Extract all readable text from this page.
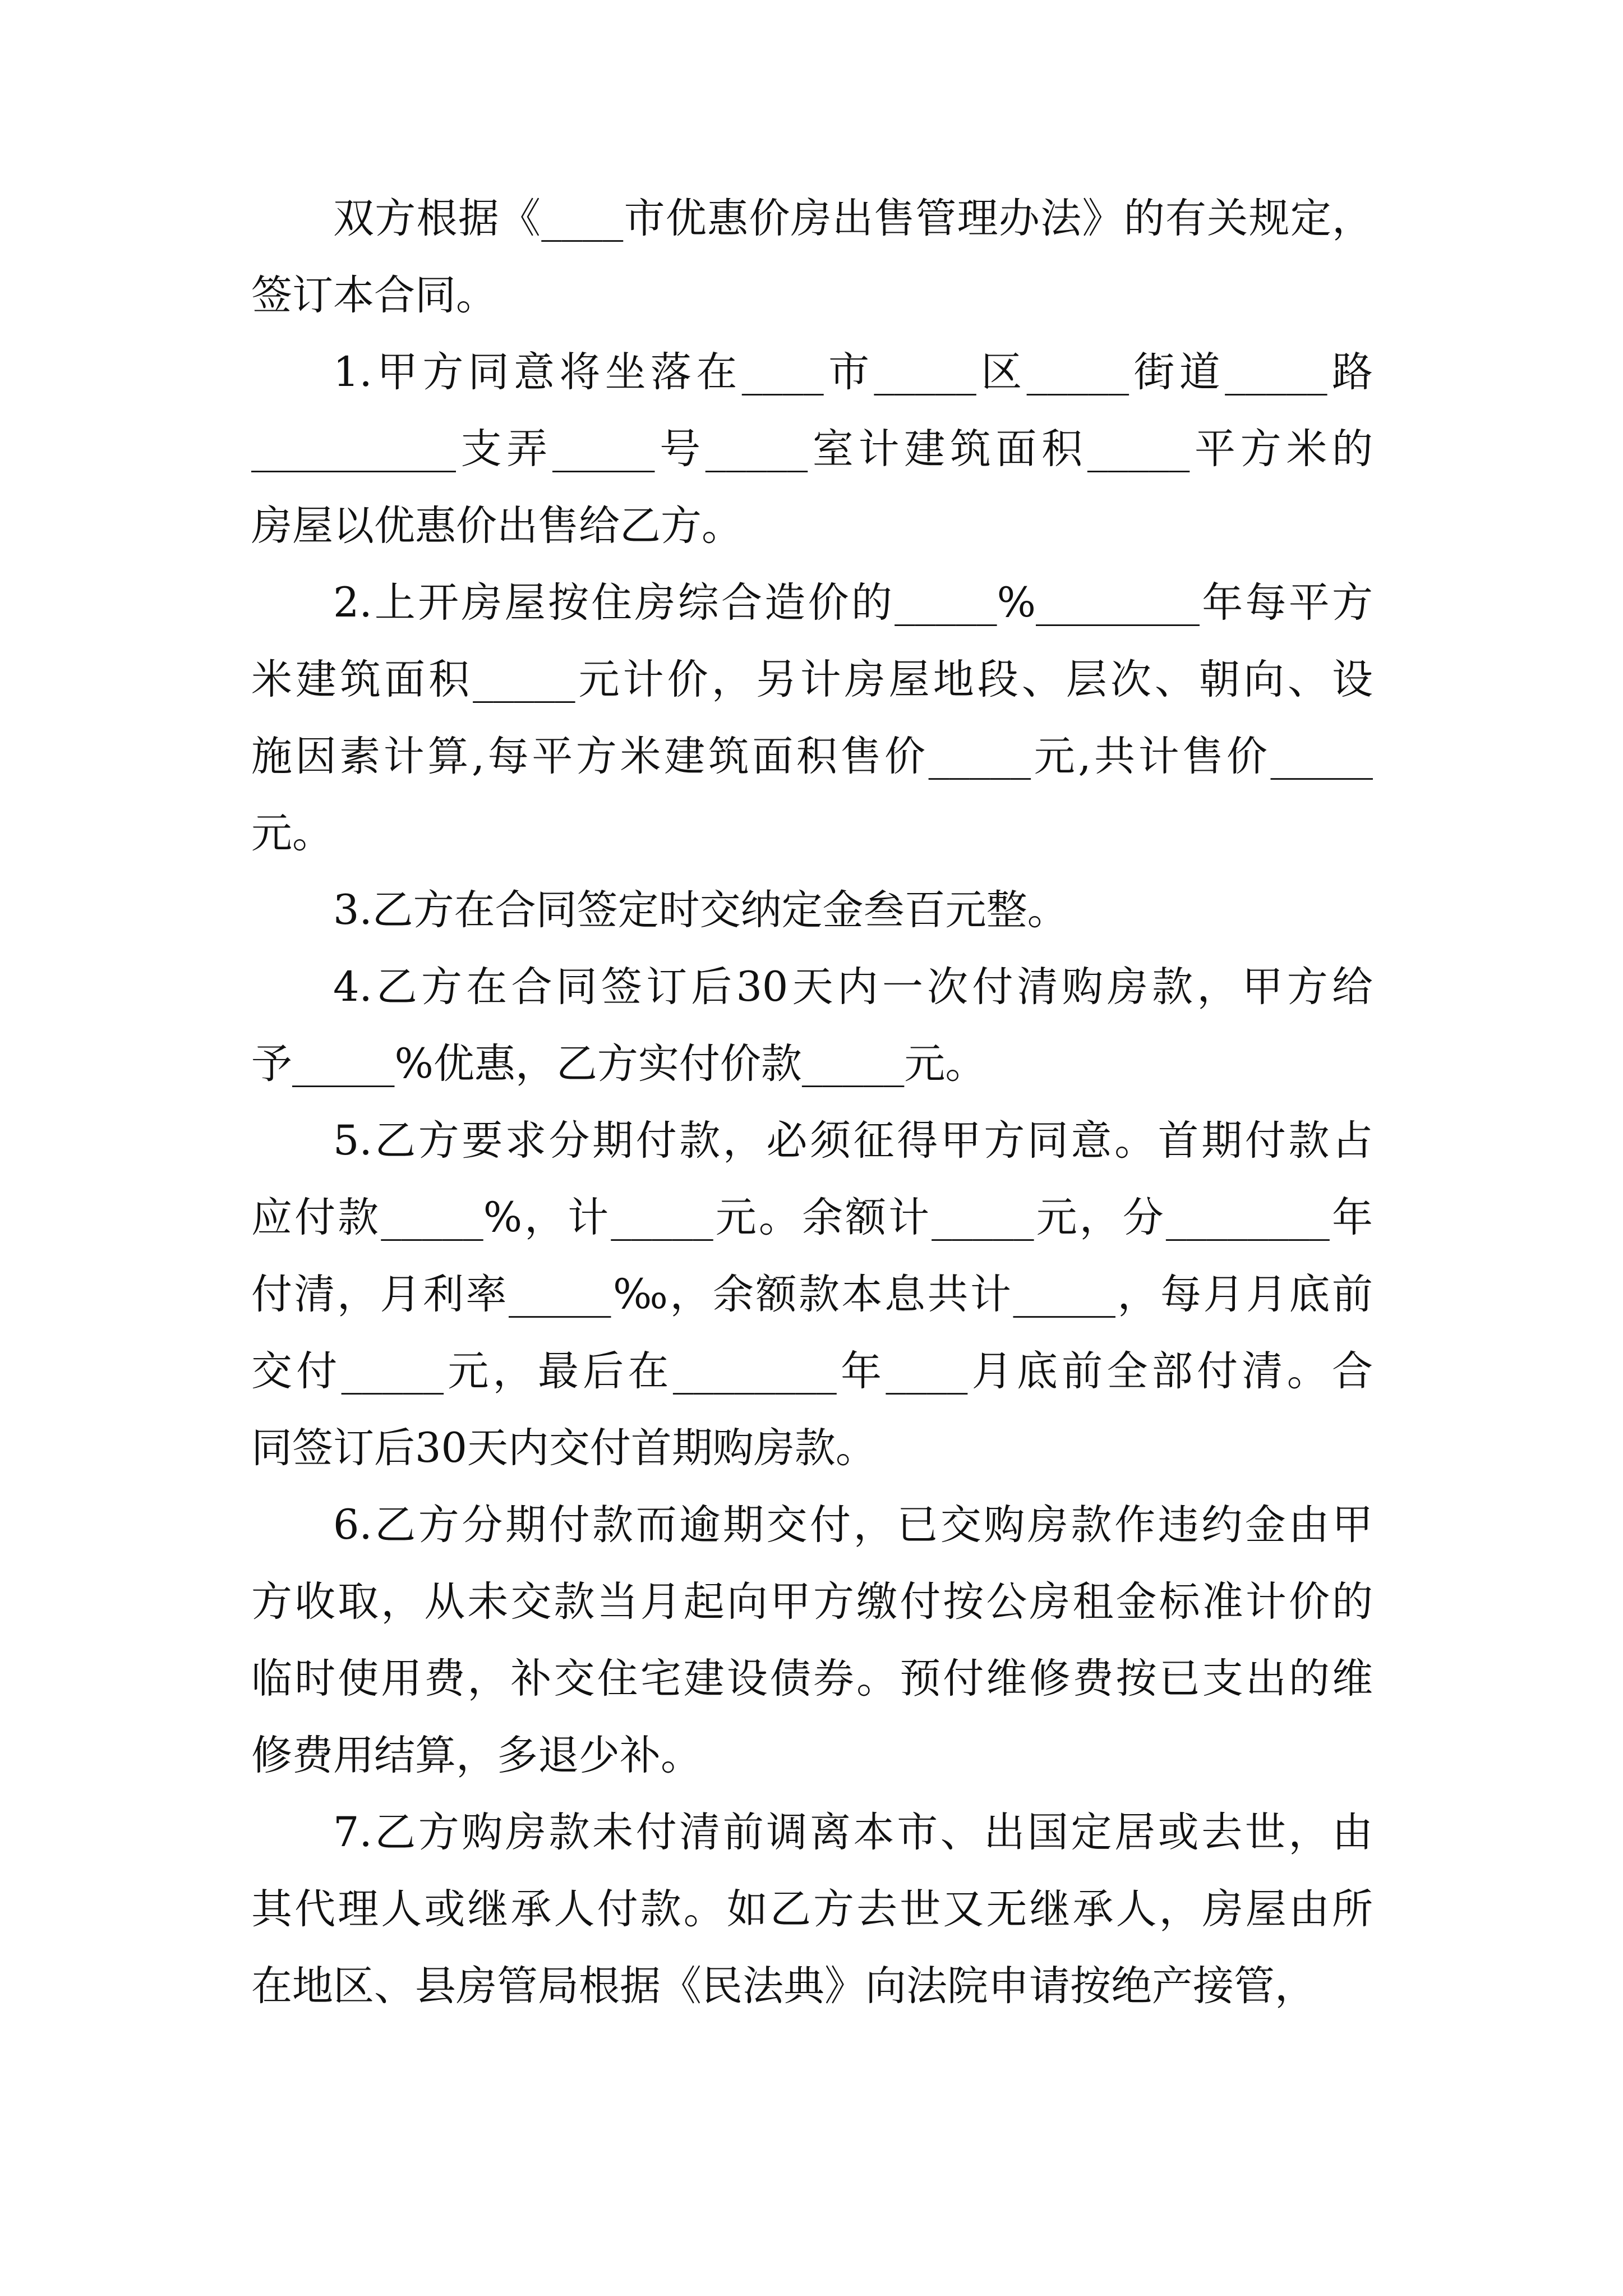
双方根据《____市优惠价房出售管理办法》的有关规定，
签订本合同。
1.甲方同意将坐落在____市_____区_____街道_____路
__________支弄_____号_____室计建筑面积_____平方米的
房屋以优惠价出售给乙方。
2.上开房屋按住房综合造价的_____%________年每平方
米建筑面积_____元计价，另计房屋地段、层次、朝向、设
施因素计算,每平方米建筑面积售价_____元,共计售价_____
元。
3.乙方在合同签定时交纳定金叁百元整。
4.乙方在合同签订后30天内一次付清购房款，甲方给
予_____%优惠，乙方实付价款_____元。
5.乙方要求分期付款，必须征得甲方同意。首期付款占
应付款_____%，计_____元。余额计_____元，分________年
付清，月利率_____‰，余额款本息共计_____，每月月底前
交付_____元，最后在________年____月底前全部付清。合
同签订后30天内交付首期购房款。
6.乙方分期付款而逾期交付，已交购房款作违约金由甲
方收取，从未交款当月起向甲方缴付按公房租金标准计价的
临时使用费，补交住宅建设债券。预付维修费按已支出的维
修费用结算，多退少补。
7.乙方购房款未付清前调离本市、出国定居或去世，由
其代理人或继承人付款。如乙方去世又无继承人，房屋由所
在地区、县房管局根据《民法典》向法院申请按绝产接管，
